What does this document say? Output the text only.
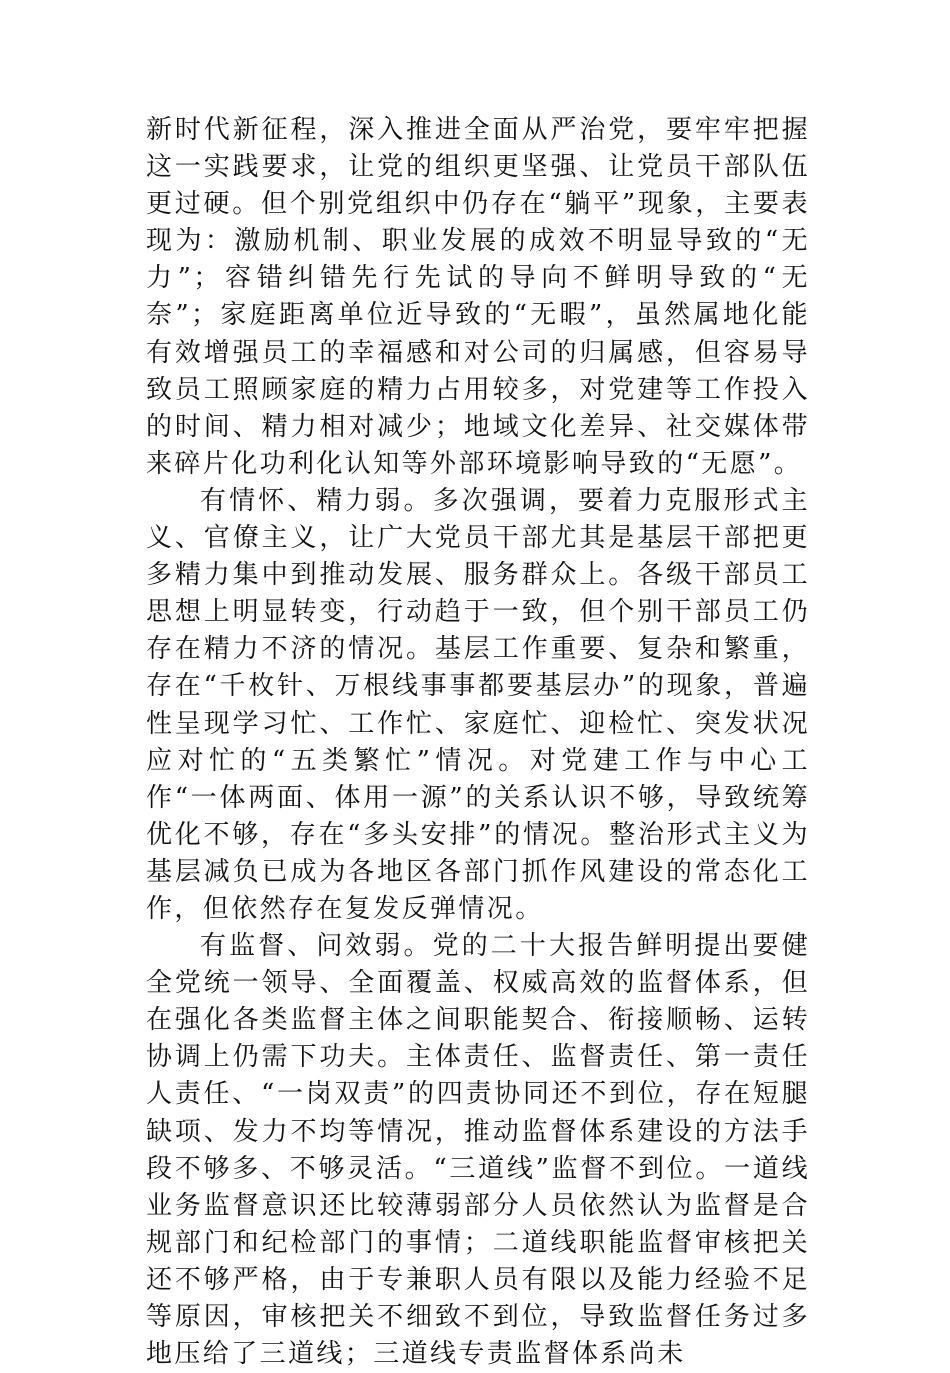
新时代新征程，深入推进全面从严治党，要牢牢把握这一实践要求，让党的组织更坚强、让党员干部队伍更过硬。但个别党组织中仍存在“躺平”现象，主要表现为：激励机制、职业发展的成效不明显导致的“无力”；容错纠错先行先试的导向不鲜明导致的“无奈”；家庭距离单位近导致的“无暇”，虽然属地化能有效增强员工的幸福感和对公司的归属感，但容易导致员工照顾家庭的精力占用较多，对党建等工作投入的时间、精力相对减少；地域文化差异、社交媒体带来碎片化功利化认知等外部环境影响导致的“无愿”。

有情怀、精力弱。多次强调，要着力克服形式主义、官僚主义，让广大党员干部尤其是基层干部把更多精力集中到推动发展、服务群众上。各级干部员工思想上明显转变，行动趋于一致，但个别干部员工仍存在精力不济的情况。基层工作重要、复杂和繁重，存在“千枚针、万根线事事都要基层办”的现象，普遍性呈现学习忙、工作忙、家庭忙、迎检忙、突发状况应对忙的“五类繁忙”情况。对党建工作与中心工作“一体两面、体用一源”的关系认识不够，导致统筹优化不够，存在“多头安排”的情况。整治形式主义为基层减负已成为各地区各部门抓作风建设的常态化工作，但依然存在复发反弹情况。

有监督、问效弱。党的二十大报告鲜明提出要健全党统一领导、全面覆盖、权威高效的监督体系，但在强化各类监督主体之间职能契合、衔接顺畅、运转协调上仍需下功夫。主体责任、监督责任、第一责任人责任、“一岗双责”的四责协同还不到位，存在短腿缺项、发力不均等情况，推动监督体系建设的方法手段不够多、不够灵活。“三道线”监督不到位。一道线业务监督意识还比较薄弱部分人员依然认为监督是合规部门和纪检部门的事情；二道线职能监督审核把关还不够严格，由于专兼职人员有限以及能力经验不足等原因，审核把关不细致不到位，导致监督任务过多地压给了三道线；三道线专责监督体系尚未
